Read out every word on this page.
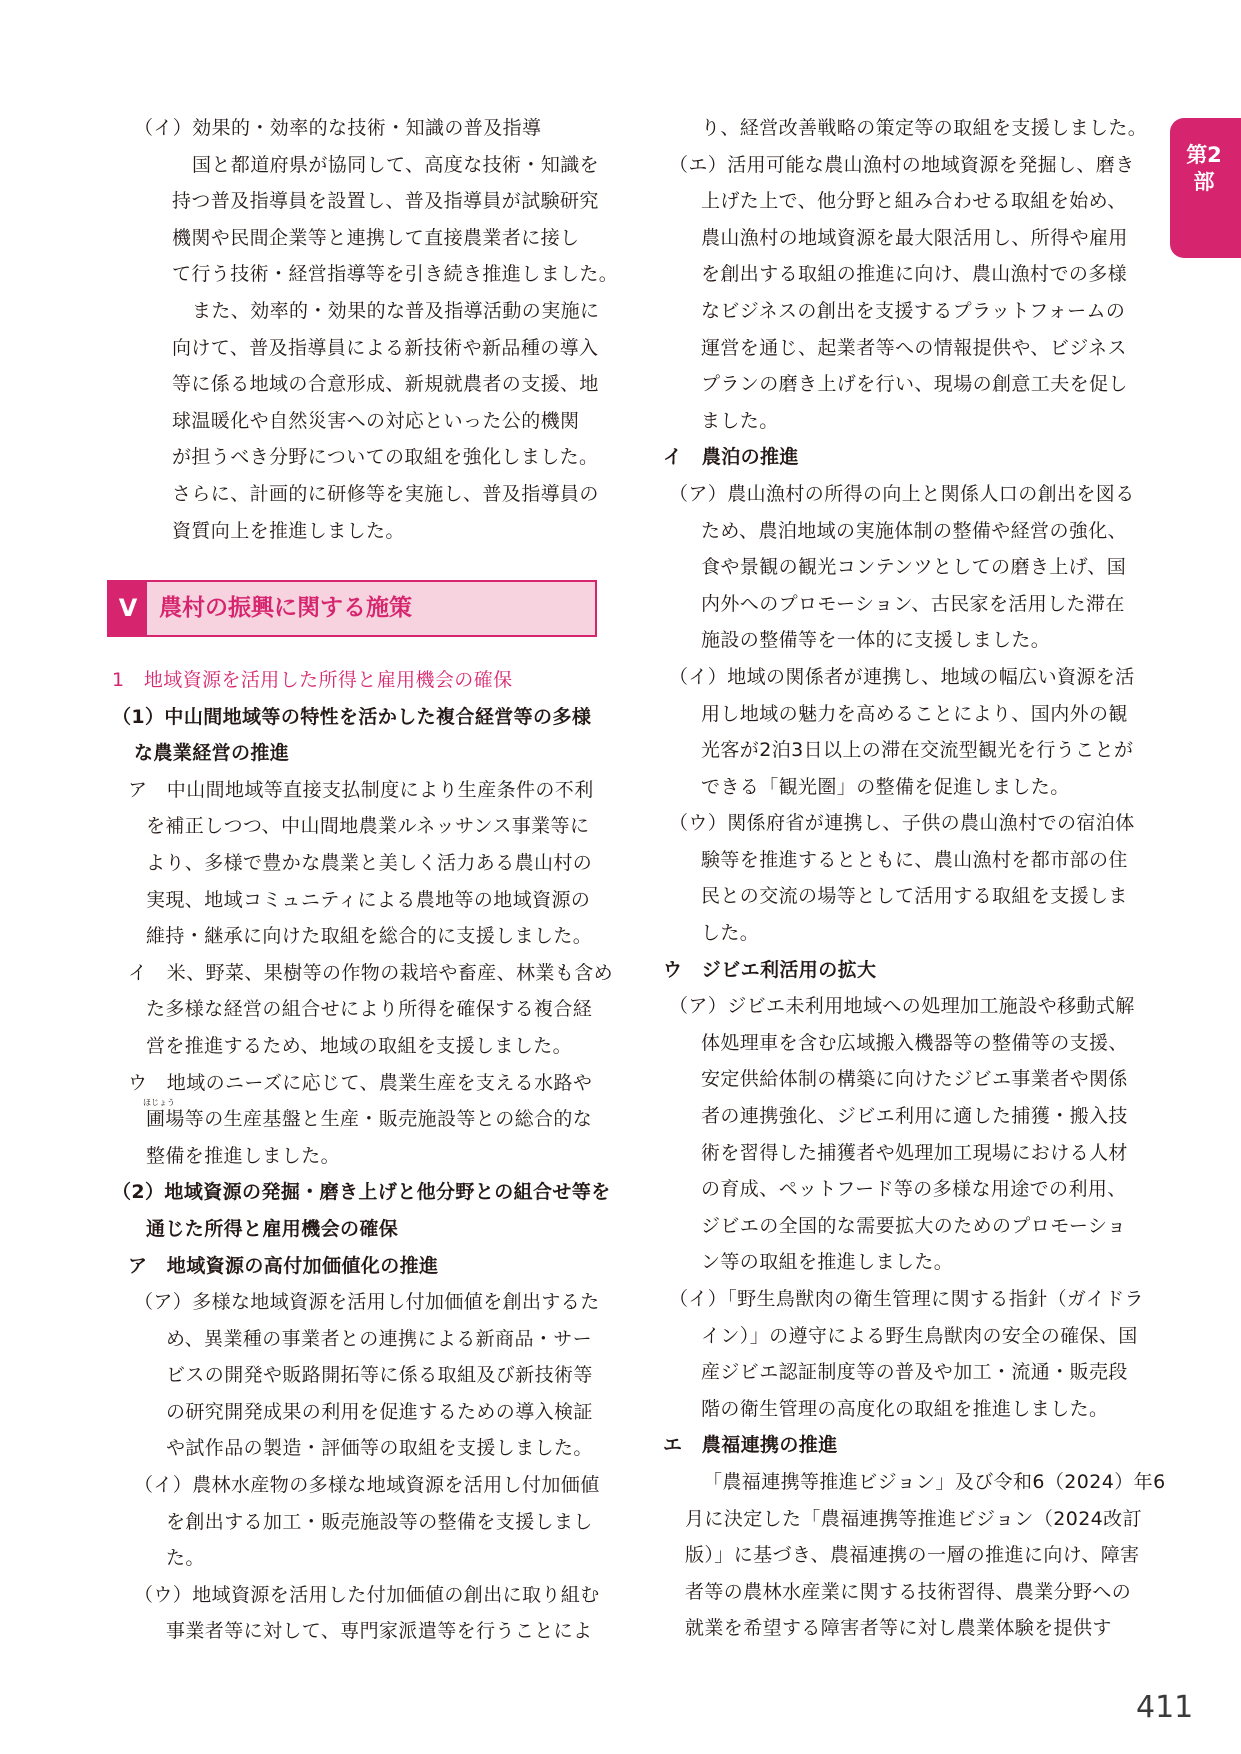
第2部
（イ）効果的・効率的な技術・知識の普及指導
国と都道府県が協同して、高度な技術・知識を
持つ普及指導員を設置し、普及指導員が試験研究
機関や民間企業等と連携して直接農業者に接し
て行う技術・経営指導等を引き続き推進しました。
また、効率的・効果的な普及指導活動の実施に
向けて、普及指導員による新技術や新品種の導入
等に係る地域の合意形成、新規就農者の支援、地
球温暖化や自然災害への対応といった公的機関
が担うべき分野についての取組を強化しました。
さらに、計画的に研修等を実施し、普及指導員の
資質向上を推進しました。
V 農村の振興に関する施策
1　地域資源を活用した所得と雇用機会の確保
（1）中山間地域等の特性を活かした複合経営等の多様
な農業経営の推進
ア　中山間地域等直接支払制度により生産条件の不利
を補正しつつ、中山間地農業ルネッサンス事業等に
より、多様で豊かな農業と美しく活力ある農山村の
実現、地域コミュニティによる農地等の地域資源の
維持・継承に向けた取組を総合的に支援しました。
イ　米、野菜、果樹等の作物の栽培や畜産、林業も含め
た多様な経営の組合せにより所得を確保する複合経
営を推進するため、地域の取組を支援しました。
ウ　地域のニーズに応じて、農業生産を支える水路や
ほじょう
圃場等の生産基盤と生産・販売施設等との総合的な
整備を推進しました。
（2）地域資源の発掘・磨き上げと他分野との組合せ等を
通じた所得と雇用機会の確保
ア　地域資源の高付加価値化の推進
（ア）多様な地域資源を活用し付加価値を創出するた
め、異業種の事業者との連携による新商品・サー
ビスの開発や販路開拓等に係る取組及び新技術等
の研究開発成果の利用を促進するための導入検証
や試作品の製造・評価等の取組を支援しました。
（イ）農林水産物の多様な地域資源を活用し付加価値
を創出する加工・販売施設等の整備を支援しまし
た。
（ウ）地域資源を活用した付加価値の創出に取り組む
事業者等に対して、専門家派遣等を行うことによ
り、経営改善戦略の策定等の取組を支援しました。
（エ）活用可能な農山漁村の地域資源を発掘し、磨き
上げた上で、他分野と組み合わせる取組を始め、
農山漁村の地域資源を最大限活用し、所得や雇用
を創出する取組の推進に向け、農山漁村での多様
なビジネスの創出を支援するプラットフォームの
運営を通じ、起業者等への情報提供や、ビジネス
プランの磨き上げを行い、現場の創意工夫を促し
ました。
イ　農泊の推進
（ア）農山漁村の所得の向上と関係人口の創出を図る
ため、農泊地域の実施体制の整備や経営の強化、
食や景観の観光コンテンツとしての磨き上げ、国
内外へのプロモーション、古民家を活用した滞在
施設の整備等を一体的に支援しました。
（イ）地域の関係者が連携し、地域の幅広い資源を活
用し地域の魅力を高めることにより、国内外の観
光客が2泊3日以上の滞在交流型観光を行うことが
できる「観光圏」の整備を促進しました。
（ウ）関係府省が連携し、子供の農山漁村での宿泊体
験等を推進するとともに、農山漁村を都市部の住
民との交流の場等として活用する取組を支援しま
した。
ウ　ジビエ利活用の拡大
（ア）ジビエ未利用地域への処理加工施設や移動式解
体処理車を含む広域搬入機器等の整備等の支援、
安定供給体制の構築に向けたジビエ事業者や関係
者の連携強化、ジビエ利用に適した捕獲・搬入技
術を習得した捕獲者や処理加工現場における人材
の育成、ペットフード等の多様な用途での利用、
ジビエの全国的な需要拡大のためのプロモーショ
ン等の取組を推進しました。
（イ）「野生鳥獣肉の衛生管理に関する指針（ガイドラ
イン）」の遵守による野生鳥獣肉の安全の確保、国
産ジビエ認証制度等の普及や加工・流通・販売段
階の衛生管理の高度化の取組を推進しました。
エ　農福連携の推進
「農福連携等推進ビジョン」及び令和6（2024）年6
月に決定した「農福連携等推進ビジョン（2024改訂
版）」に基づき、農福連携の一層の推進に向け、障害
者等の農林水産業に関する技術習得、農業分野への
就業を希望する障害者等に対し農業体験を提供す
411
